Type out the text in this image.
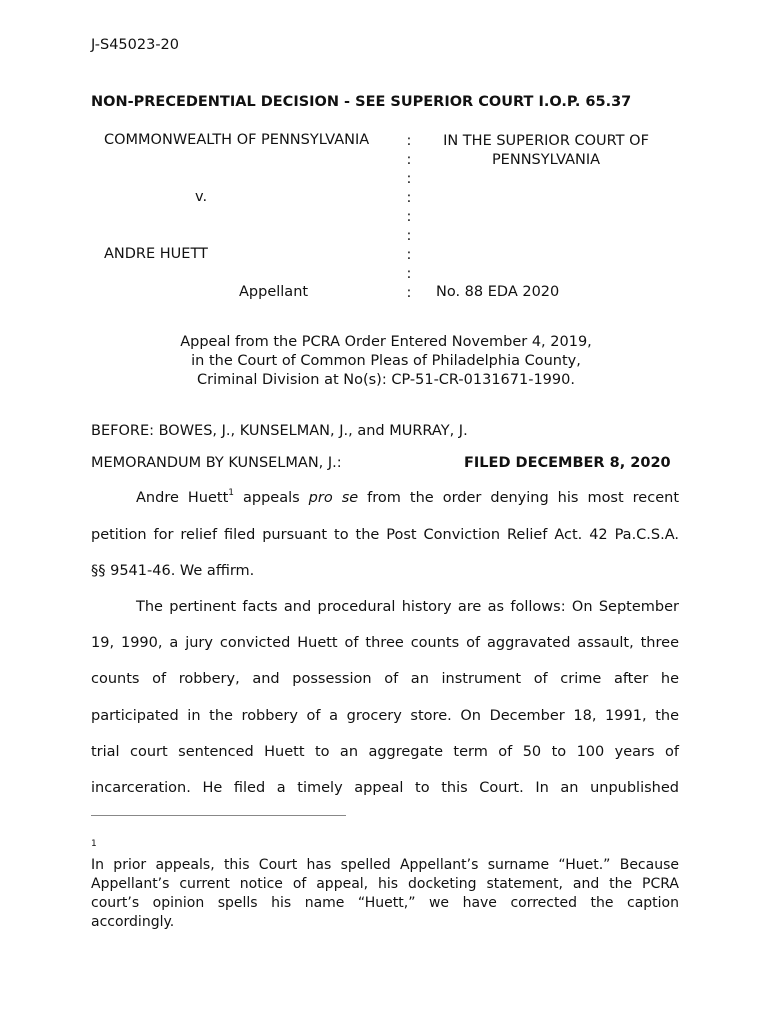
J-S45023-20
NON-PRECEDENTIAL DECISION - SEE SUPERIOR COURT I.O.P. 65.37
COMMONWEALTH OF PENNSYLVANIA
v.
ANDRE HUETT
Appellant
:
:
:
:
:
:
:
:
:
IN THE SUPERIOR COURT OF
PENNSYLVANIA
No. 88 EDA 2020
Appeal from the PCRA Order Entered November 4, 2019,
in the Court of Common Pleas of Philadelphia County,
Criminal Division at No(s): CP-51-CR-0131671-1990.
BEFORE: BOWES, J., KUNSELMAN, J., and MURRAY, J.
MEMORANDUM BY KUNSELMAN, J.:	FILED DECEMBER 8, 2020
Andre Huett$^1$ appeals pro se from the order denying his most recent
petition for relief filed pursuant to the Post Conviction Relief Act. 42 Pa.C.S.A.
§§ 9541-46. We affirm.
The pertinent facts and procedural history are as follows: On September
19, 1990, a jury convicted Huett of three counts of aggravated assault, three
counts of robbery, and possession of an instrument of crime after he
participated in the robbery of a grocery store. On December 18, 1991, the
trial court sentenced Huett to an aggregate term of 50 to 100 years of
incarceration. He filed a timely appeal to this Court. In an unpublished
$^1$
In prior appeals, this Court has spelled Appellant’s surname “Huet.” Because
Appellant’s current notice of appeal, his docketing statement, and the PCRA
court’s opinion spells his name “Huett,” we have corrected the caption
accordingly.
